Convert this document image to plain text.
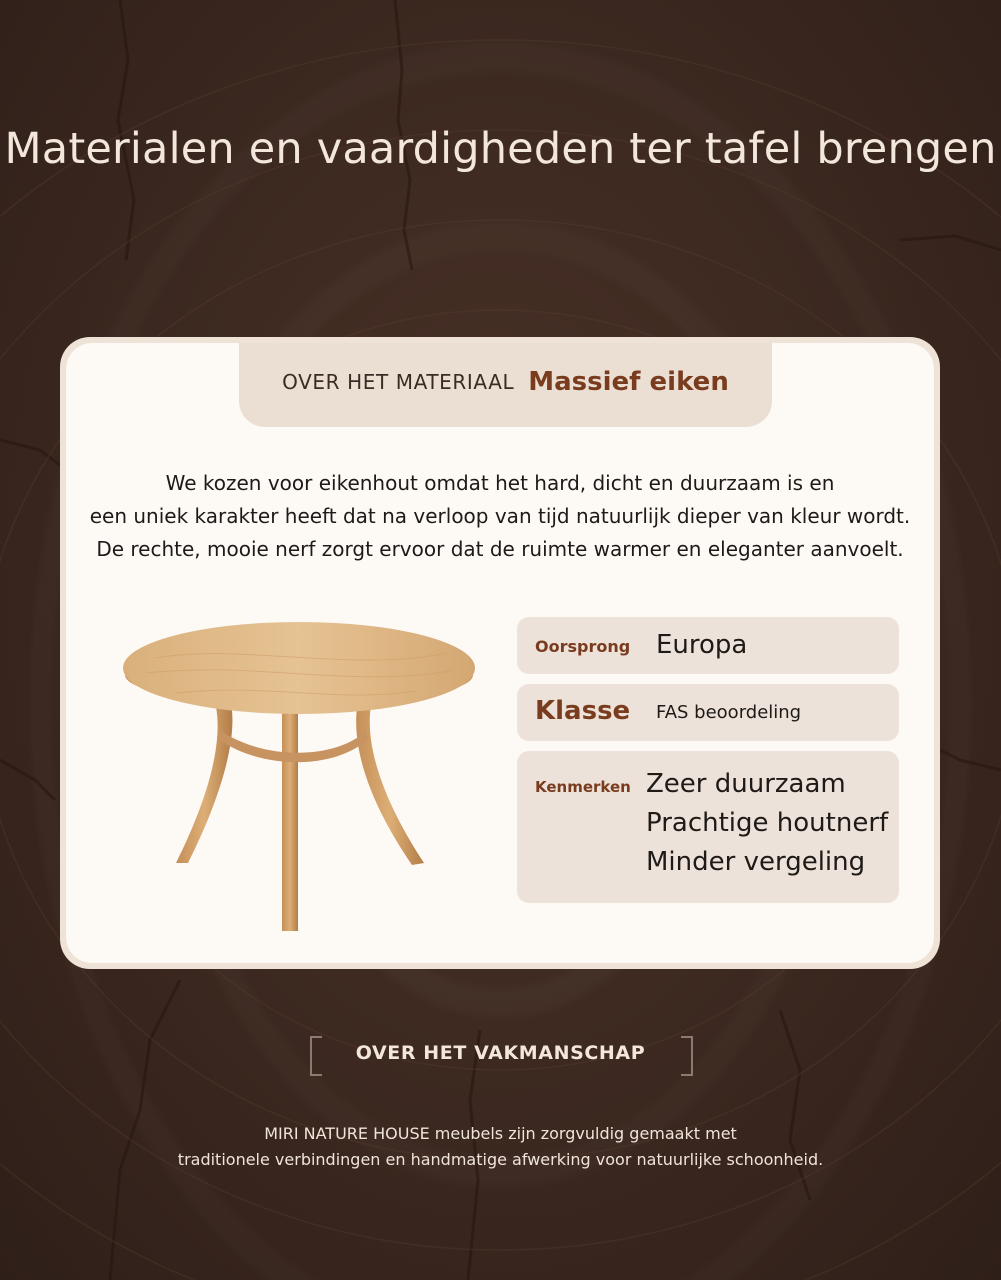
Materialen en vaardigheden ter tafel brengen
OVER HET MATERIAAL Massief eiken
We kozen voor eikenhout omdat het hard, dicht en duurzaam is en
een uniek karakter heeft dat na verloop van tijd natuurlijk dieper van kleur wordt.
De rechte, mooie nerf zorgt ervoor dat de ruimte warmer en eleganter aanvoelt.
Oorsprong Europa
Klasse FAS beoordeling
Kenmerken Zeer duurzaam
Prachtige houtnerf
Minder vergeling
OVER HET VAKMANSCHAP
MIRI NATURE HOUSE meubels zijn zorgvuldig gemaakt met
traditionele verbindingen en handmatige afwerking voor natuurlijke schoonheid.
